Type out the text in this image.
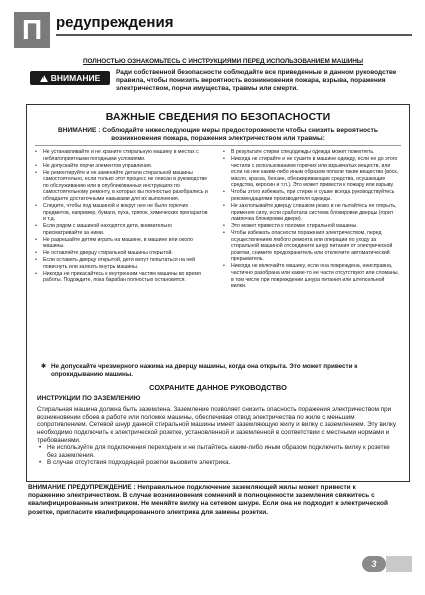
П редупреждения
ПОЛНОСТЬЮ ОЗНАКОМЬТЕСЬ С ИНСТРУКЦИЯМИ ПЕРЕД ИСПОЛЬЗОВАНИЕМ МАШИНЫ
!
ВНИМАНИЕ
Ради собственной безопасности соблюдайте все приведенные в данном руководстве правила, чтобы понизить вероятность возникновения пожара, взрыва, поражения электричеством, порчи имущества, травмы или смерти.
ВАЖНЫЕ СВЕДЕНИЯ ПО БЕЗОПАСНОСТИ
ВНИМАНИЕ : Соблюдайте нижеследующие меры предосторожности чтобы снизить вероятность возникновения пожара, поражения электричеством или травмы:
• Не устанавливайте и не храните стиральную машину в местах с неблагоприятными погодными условиями.
• Не допускайте порчи элементов управления.
• Не ремонтируйте и не заменяйте детали стиральной машины самостоятельно, если только этот процесс не описан в руководстве по обслуживанию или в опубликованных инструкциях по самостоятельному ремонту, в которых вы полностью разобрались и обладаете достаточными навыками для их выполнения.
• Следите, чтобы под машиной и вокруг нее не было горючих предметов, например, бумаги, пуха, тряпок, химических препаратов и т.д.
• Если рядом с машиной находятся дети, внимательно присматривайте за ними.
• Не разрешайте детям играть на машине, в машине или около машины.
• Не оставляйте дверцу стиральной машины открытой.
• Если оставить дверцу открытой, дети могут попытаться на ней повиснуть или залезть внутрь машины.
• Никогда не прикасайтесь к внутренним частям машины во время работы. Подождите, пока барабан полностью остановится.
• В результате стирки спецодежды одежда может пожелтеть.
• Никогда не стирайте и не сушите в машине одежду, если ее до этого чистили с использованием горючих или взрывчатых веществ, или если на нее каким-либо иным образом попали такие вещества (воск, масло, краска, бензин, обезжиривающие средства, осушающие средства, керосин и т.п.). Это может привести к пожару или взрыву.
• Чтобы этого избежать, при стирке и сушке всегда руководствуйтесь рекомендациями производителя одежды.
• Не захлопывайте дверцу слишком резко и не пытайтесь ее открыть, применяя силу, если сработала система блокировки дверцы (горит лампочка блокировки двери).
• Это может привести к поломке стиральной машины.
• Чтобы избежать опасности поражения электричеством, перед осуществлением любого ремонта или операции по уходу за стиральной машиной отсоедините шнур питания от электрической розетки, снимите предохранитель или отключите автоматический прерыватель.
• Никогда не включайте машину, если она повреждена, неисправна, частично разобрана или какие-то ее части отсутствуют или сломаны, в том числе при повреждении шнура питания или штепсельной вилки.
✱ Не допускайте чрезмерного нажима на дверцу машины, когда она открыта. Это может привести к опрокидыванию машины.
СОХРАНИТЕ ДАННОЕ РУКОВОДСТВО
ИНСТРУКЦИИ ПО ЗАЗЕМЛЕНИЮ
Стиральная машина должна быть заземлена. Заземление позволяет снизить опасность поражения электричеством при возникновении сбоев в работе или поломке машины, обеспечивая отвод электричества по жиле с меньшим сопротивлением. Сетевой шнур данной стиральной машины имеет заземляющую жилу и вилку с заземлением. Эту вилку необходимо подключить к электрической розетке, установленной и заземленной в соответствии с местными нормами и требованиями.
• Не используйте для подключения переходник и не пытайтесь каким-либо иным образом подключить вилку к розетке без заземления.
• В случае отсутствия подходящей розетки вызовите электрика.
ВНИМАНИЕ ПРЕДУПРЕЖДЕНИЕ : Неправильное подключение заземляющей жилы может привести к поражению электричеством. В случае возникновения сомнений в полноценности заземления свяжитесь с квалифицированным электриком. Не меняйте вилку на сетевом шнуре. Если она не подходит к электрической розетке, пригласите квалифицированного электрика для замены розетки.
3
